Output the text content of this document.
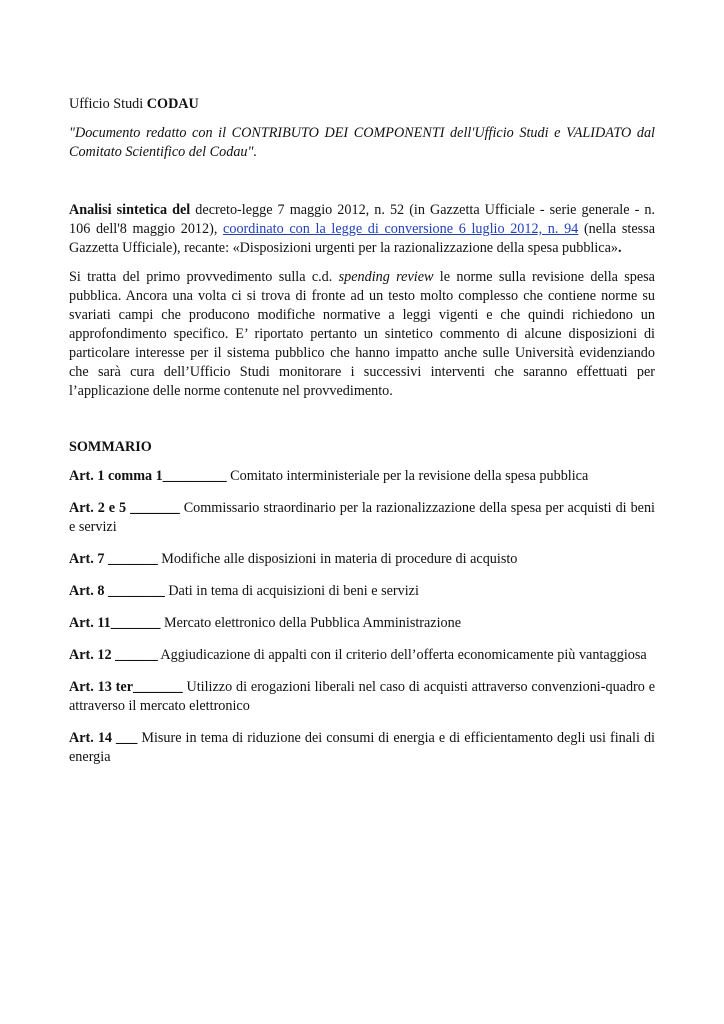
Ufficio Studi CODAU

"Documento redatto con il CONTRIBUTO DEI COMPONENTI dell'Ufficio Studi e VALIDATO dal Comitato Scientifico del Codau".

Analisi sintetica del decreto-legge 7 maggio 2012, n. 52 (in Gazzetta Ufficiale - serie generale - n. 106 dell'8 maggio 2012), coordinato con la legge di conversione 6 luglio 2012, n. 94 (nella stessa Gazzetta Ufficiale), recante: «Disposizioni urgenti per la razionalizzazione della spesa pubblica».

Si tratta del primo provvedimento sulla c.d. spending review le norme sulla revisione della spesa pubblica. Ancora una volta ci si trova di fronte ad un testo molto complesso che contiene norme su svariati campi che producono modifiche normative a leggi vigenti e che quindi richiedono un approfondimento specifico. E’ riportato pertanto un sintetico commento di alcune disposizioni di particolare interesse per il sistema pubblico che hanno impatto anche sulle Università evidenziando che sarà cura dell’Ufficio Studi monitorare i successivi interventi che saranno effettuati per l’applicazione delle norme contenute nel provvedimento.

SOMMARIO

Art. 1 comma 1_________ Comitato interministeriale per la revisione della spesa pubblica

Art. 2 e 5 _______ Commissario straordinario per la razionalizzazione della spesa per acquisti di beni e servizi

Art. 7 _______ Modifiche alle disposizioni in materia di procedure di acquisto

Art. 8 ________ Dati in tema di acquisizioni di beni e servizi

Art. 11_______ Mercato elettronico della Pubblica Amministrazione

Art. 12 ______ Aggiudicazione di appalti con il criterio dell’offerta economicamente più vantaggiosa

Art. 13 ter_______ Utilizzo di erogazioni liberali nel caso di acquisti attraverso convenzioni-quadro e attraverso il mercato elettronico

Art. 14 ___ Misure in tema di riduzione dei consumi di energia e di efficientamento degli usi finali di energia
